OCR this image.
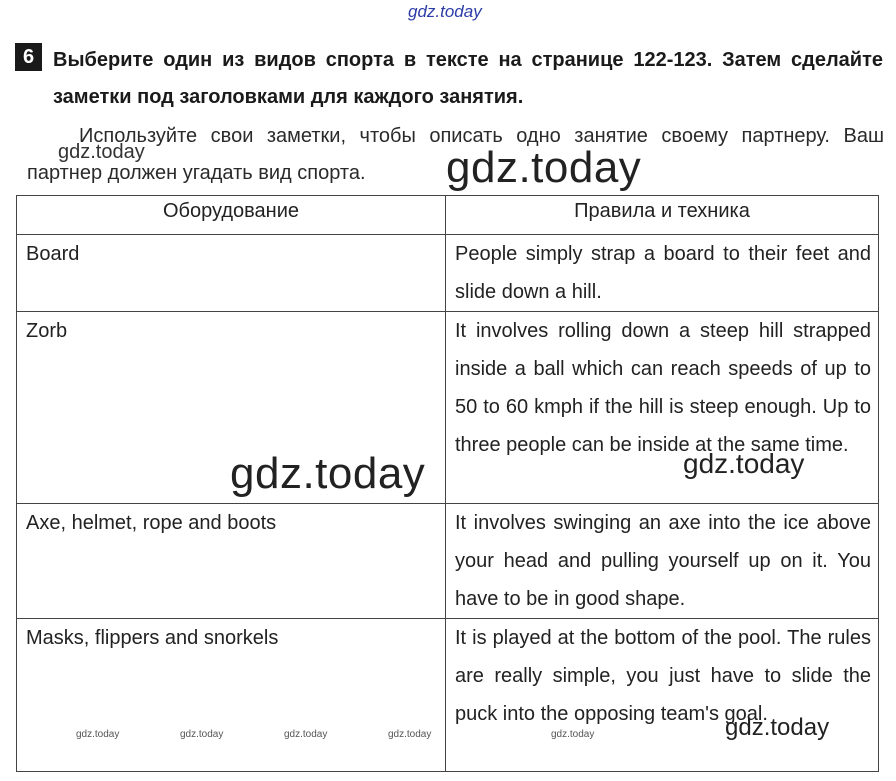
6 Выберите один из видов спорта в тексте на странице 122-123. Затем сделайте заметки под заголовками для каждого занятия.
Используйте свои заметки, чтобы описать одно занятие своему партнеру. Ваш партнер должен угадать вид спорта.
Оборудование	Правила и техника
Board	People simply strap a board to their feet and slide down a hill.
Zorb	It involves rolling down a steep hill strapped inside a ball which can reach speeds of up to 50 to 60 kmph if the hill is steep enough. Up to three people can be inside at the same time.
Axe, helmet, rope and boots	It involves swinging an axe into the ice above your head and pulling yourself up on it. You have to be in good shape.
Masks, flippers and snorkels	It is played at the bottom of the pool. The rules are really simple, you just have to slide the puck into the opposing team's goal.
gdz.today
gdz.today	gdz.today
gdz.today	gdz.today
gdz.today
gdz.today	gdz.today	gdz.today	gdz.today	gdz.today
